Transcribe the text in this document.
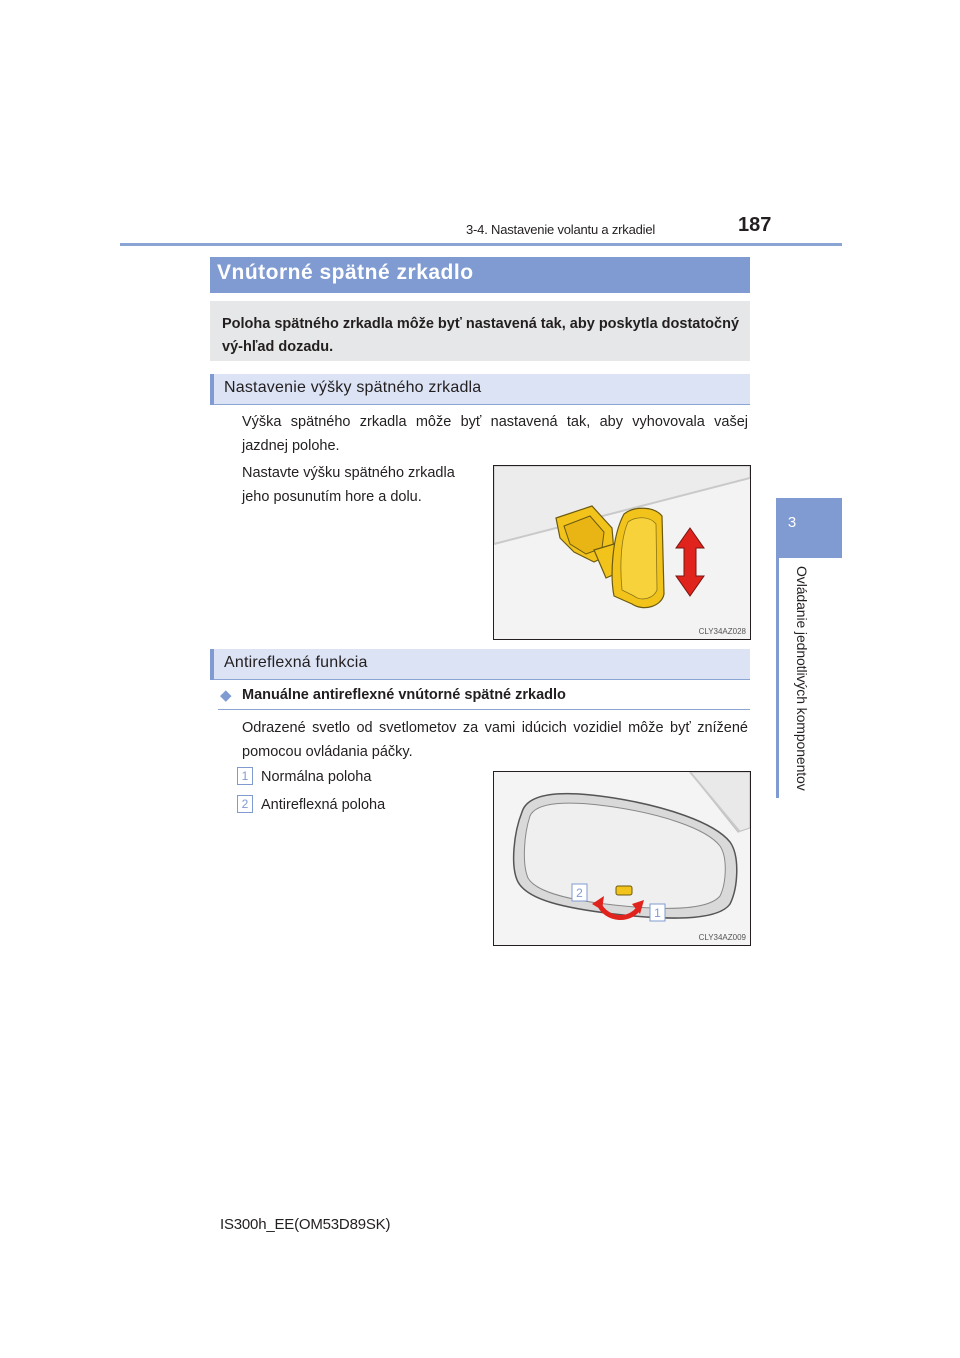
3-4. Nastavenie volantu a zrkadiel	187
3
Ovládanie jednotlivých komponentov
Vnútorné spätné zrkadlo
Poloha spätného zrkadla môže byť nastavená tak, aby poskytla dostatočný vý-hľad dozadu.
Nastavenie výšky spätného zrkadla
Výška spätného zrkadla môže byť nastavená tak, aby vyhovovala vašej jazdnej polohe.
Nastavte výšku spätného zrkadla jeho posunutím hore a dolu.
CLY34AZ028
Antireflexná funkcia
◆ Manuálne antireflexné vnútorné spätné zrkadlo
Odrazené svetlo od svetlometov za vami idúcich vozidiel môže byť znížené pomocou ovládania páčky.
1 Normálna poloha
2 Antireflexná poloha
2
1
CLY34AZ009
IS300h_EE(OM53D89SK)
